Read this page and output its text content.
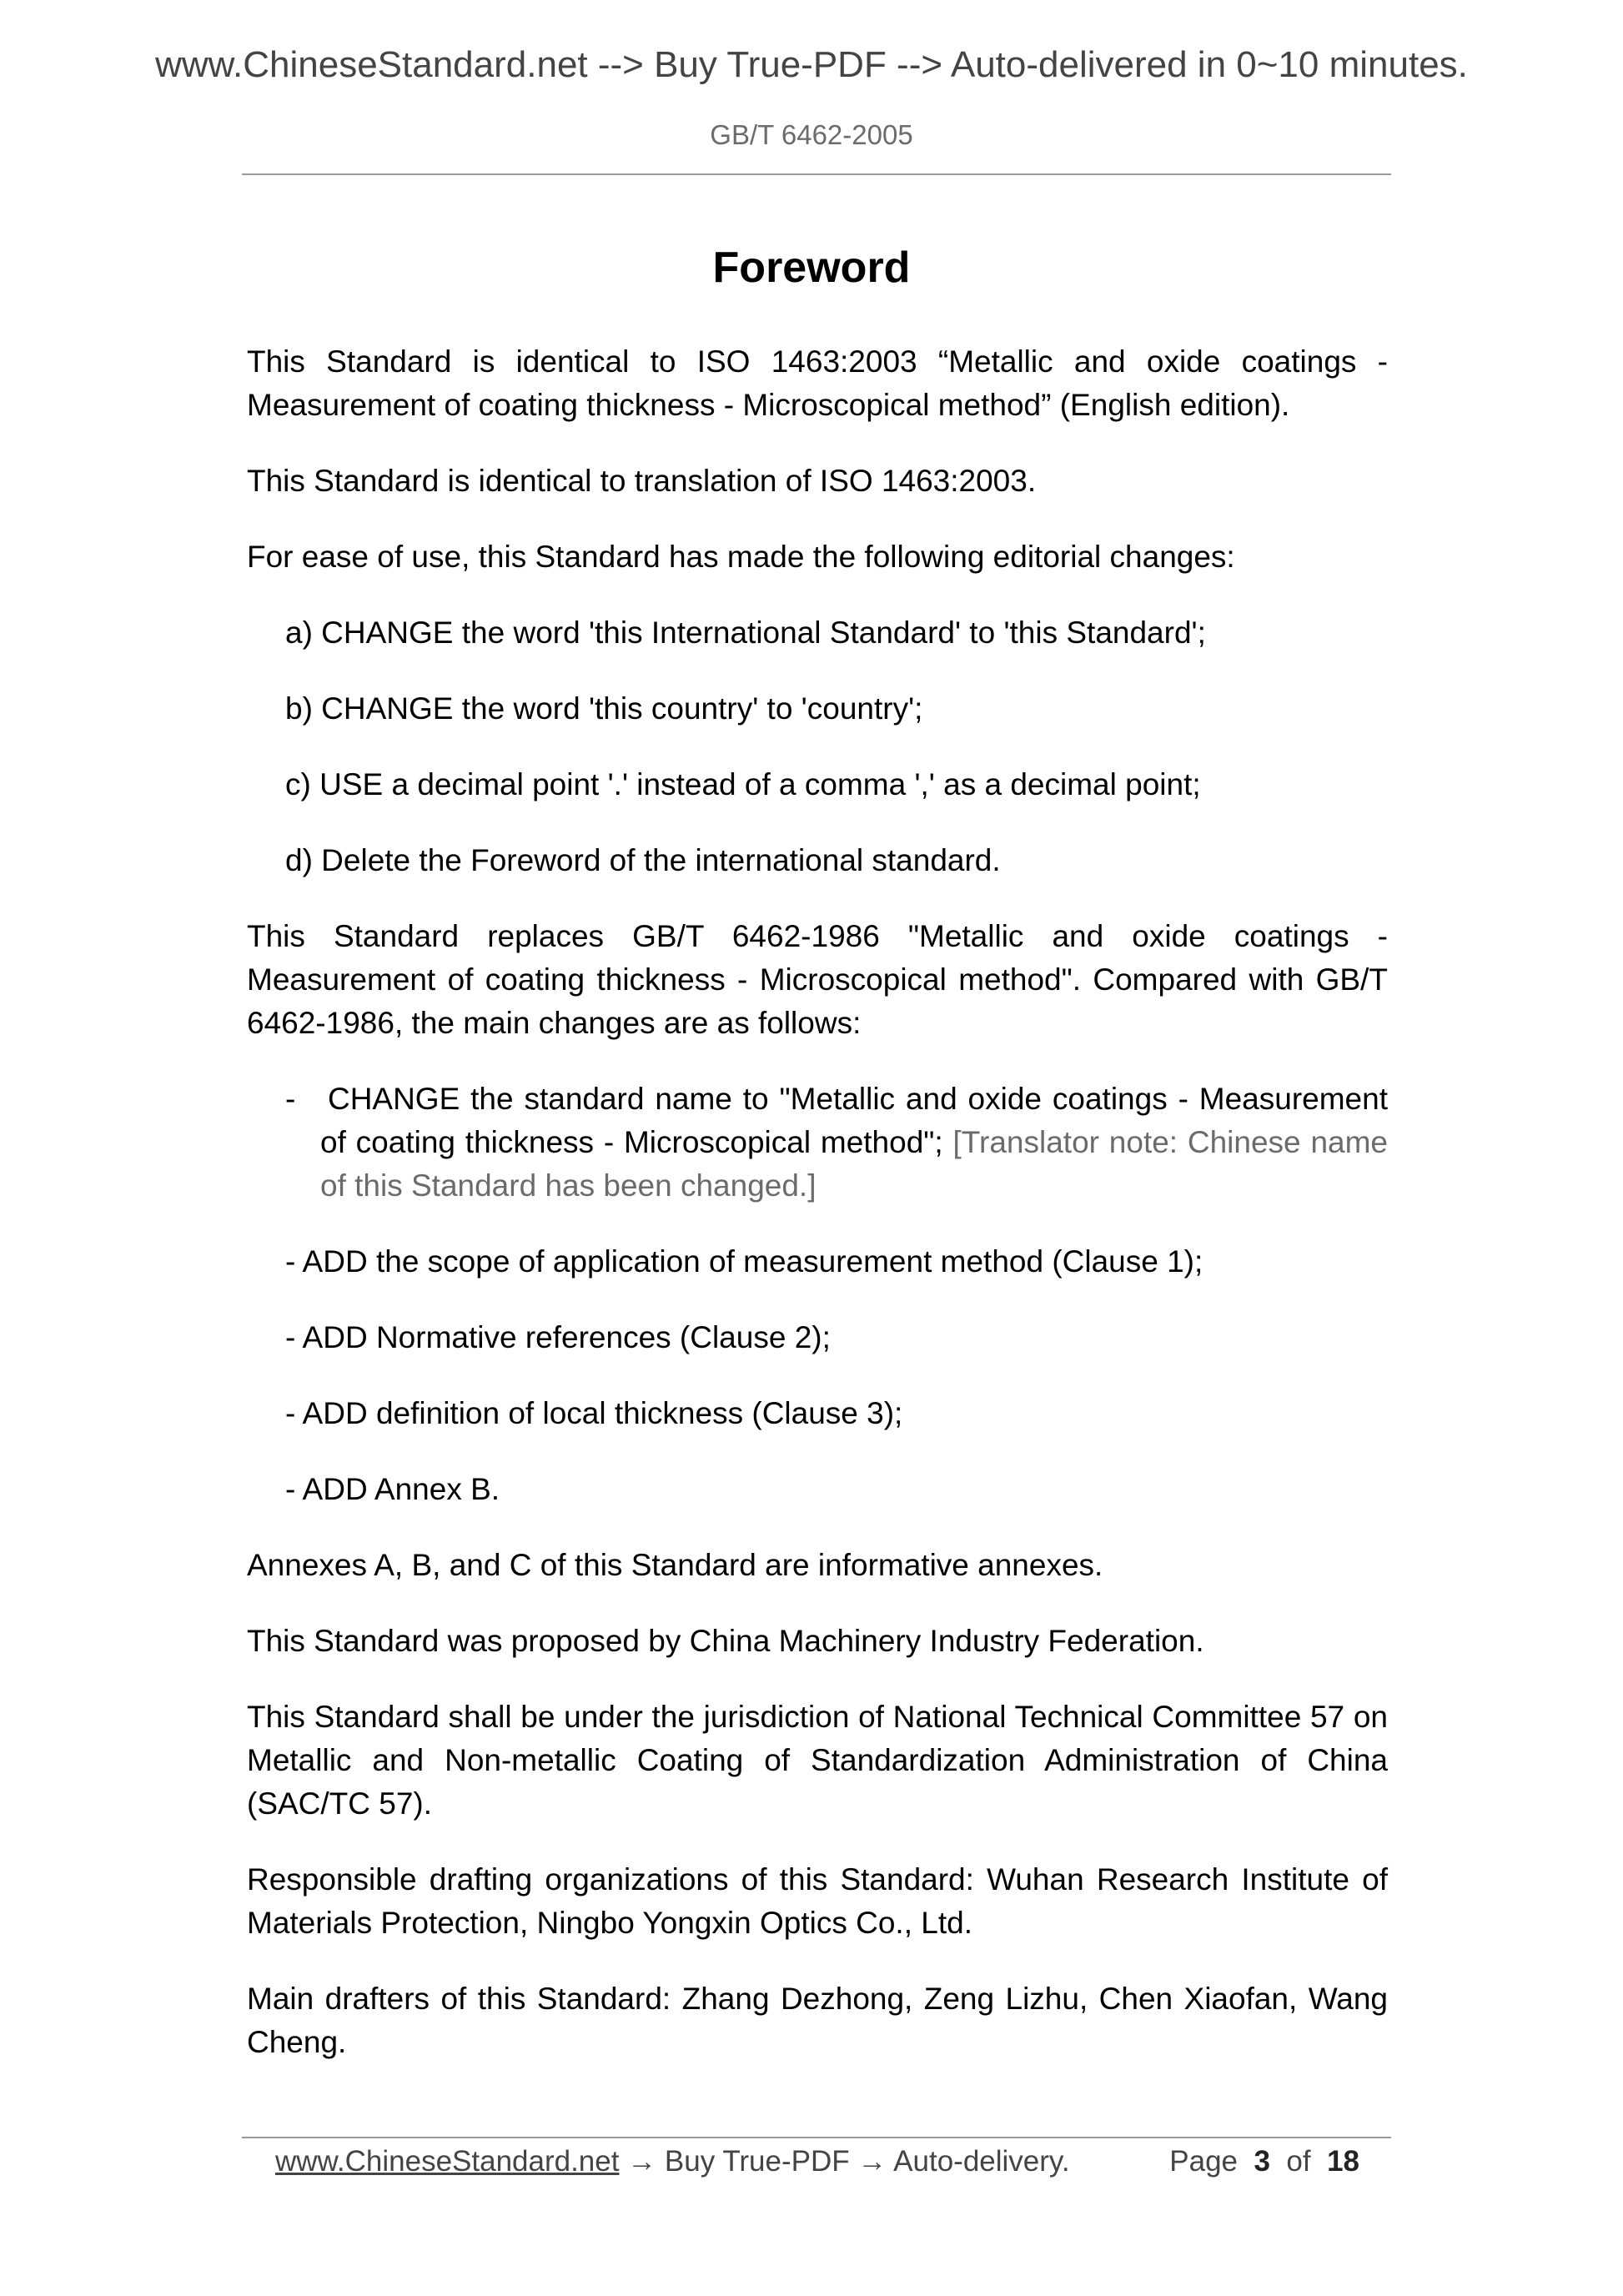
www.ChineseStandard.net --> Buy True-PDF --> Auto-delivered in 0~10 minutes.
GB/T 6462-2005
Foreword

This Standard is identical to ISO 1463:2003 “Metallic and oxide coatings - Measurement of coating thickness - Microscopical method” (English edition).

This Standard is identical to translation of ISO 1463:2003.

For ease of use, this Standard has made the following editorial changes:

a) CHANGE the word 'this International Standard' to 'this Standard';

b) CHANGE the word 'this country' to 'country';

c) USE a decimal point '.' instead of a comma ',' as a decimal point;

d) Delete the Foreword of the international standard.

This Standard replaces GB/T 6462-1986 "Metallic and oxide coatings - Measurement of coating thickness - Microscopical method". Compared with GB/T 6462-1986, the main changes are as follows:

-   CHANGE the standard name to "Metallic and oxide coatings - Measurement of coating thickness - Microscopical method"; [Translator note: Chinese name of this Standard has been changed.]

- ADD the scope of application of measurement method (Clause 1);

- ADD Normative references (Clause 2);

- ADD definition of local thickness (Clause 3);

- ADD Annex B.

Annexes A, B, and C of this Standard are informative annexes.

This Standard was proposed by China Machinery Industry Federation.

This Standard shall be under the jurisdiction of National Technical Committee 57 on Metallic and Non-metallic Coating of Standardization Administration of China (SAC/TC 57).

Responsible drafting organizations of this Standard: Wuhan Research Institute of Materials Protection, Ningbo Yongxin Optics Co., Ltd.

Main drafters of this Standard: Zhang Dezhong, Zeng Lizhu, Chen Xiaofan, Wang Cheng.

www.ChineseStandard.net → Buy True-PDF → Auto-delivery.	Page 3 of 18
